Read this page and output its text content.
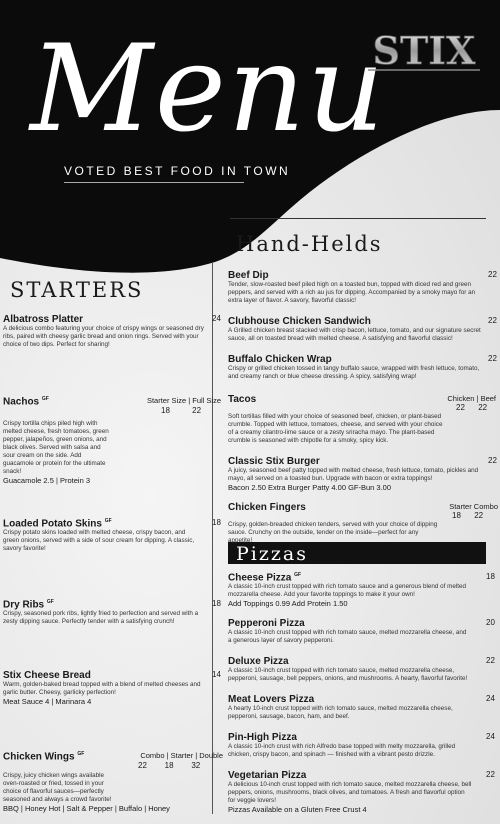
Menu
VOTED BEST FOOD IN TOWN
STIX
STARTERS
Hand-Helds
Pizzas
Albatross Platter	24
A delicious combo featuring your choice of crispy wings or seasoned dry ribs, paired with cheesy garlic bread and onion rings. Served with your choice of two dips. Perfect for sharing!
Nachos $^{GF}$	Starter Size | Full Size
18          22
Crispy tortilla chips piled high with melted cheese, fresh tomatoes, green pepper, jalapeños, green onions, and black olives. Served with salsa and sour cream on the side. Add guacamole or protein for the ultimate snack!
Guacamole 2.5 | Protein 3
Loaded Potato Skins $^{GF}$	18
Crispy potato skins loaded with melted cheese, crispy bacon, and green onions, served with a side of sour cream for dipping. A classic, savory favorite!
Dry Ribs $^{GF}$	18
Crispy, seasoned pork ribs, lightly fried to perfection and served with a zesty dipping sauce. Perfectly tender with a satisfying crunch!
Stix Cheese Bread	14
Warm, golden-baked bread topped with a blend of melted cheeses and garlic butter. Cheesy, garlicky perfection!
Meat Sauce 4 | Marinara 4
Chicken Wings $^{GF}$	Combo | Starter | Double
22        18        32
Crispy, juicy chicken wings available oven-roasted or fried, tossed in your choice of flavorful sauces—perfectly seasoned and always a crowd favorite!
BBQ | Honey Hot | Salt & Pepper | Buffalo | Honey
Beef Dip	22
Tender, slow-roasted beef piled high on a toasted bun, topped with diced red and green peppers, and served with a rich au jus for dipping. Accompanied by a smoky mayo for an extra layer of flavor. A savory, flavorful classic!
Clubhouse Chicken Sandwich	22
A Grilled chicken breast stacked with crisp bacon, lettuce, tomato, and our signature secret sauce, all on toasted bread with melted cheese. A satisfying and flavorful classic!
Buffalo Chicken Wrap	22
Crispy or grilled chicken tossed in tangy buffalo sauce, wrapped with fresh lettuce, tomato, and creamy ranch or blue cheese dressing. A spicy, satisfying wrap!
Tacos	Chicken | Beef
22      22
Soft tortillas filled with your choice of seasoned beef, chicken, or plant-based crumble. Topped with lettuce, tomatoes, cheese, and served with your choice of a creamy cilantro-lime sauce or a zesty sriracha mayo. The plant-based crumble is seasoned with chipotle for a smoky, spicy kick.
Classic Stix Burger	22
A juicy, seasoned beef patty topped with melted cheese, fresh lettuce, tomato, pickles and mayo, all served on a toasted bun. Upgrade with bacon or extra toppings!
Bacon 2.50 Extra Burger Patty 4.00 GF-Bun 3.00
Chicken Fingers	Starter Combo
18      22
Crispy, golden-breaded chicken tenders, served with your choice of dipping sauce. Crunchy on the outside, tender on the inside—perfect for any appetite!
Cheese Pizza $^{GF}$	18
A classic 10-inch crust topped with rich tomato sauce and a generous blend of melted mozzarella cheese. Add your favorite toppings to make it your own!
Add Toppings 0.99 Add Protein 1.50
Pepperoni Pizza	20
A classic 10-inch crust topped with rich tomato sauce, melted mozzarella cheese, and a generous layer of savory pepperoni.
Deluxe Pizza	22
A classic 10-inch crust topped with rich tomato sauce, melted mozzarella cheese, pepperoni, sausage, bell peppers, onions, and mushrooms. A hearty, flavorful favorite!
Meat Lovers Pizza	24
A hearty 10-inch crust topped with rich tomato sauce, melted mozzarella cheese, pepperoni, sausage, bacon, ham, and beef.
Pin-High Pizza	24
A classic 10-inch crust with rich Alfredo base topped with melty mozzarella, grilled chicken, crispy bacon, and spinach — finished with a vibrant pesto drizzle.
Vegetarian Pizza	22
A delicious 10-inch crust topped with rich tomato sauce, melted mozzarella cheese, bell peppers, onions, mushrooms, black olives, and tomatoes. A fresh and flavorful option for veggie lovers!
Pizzas Available on a Gluten Free Crust 4
